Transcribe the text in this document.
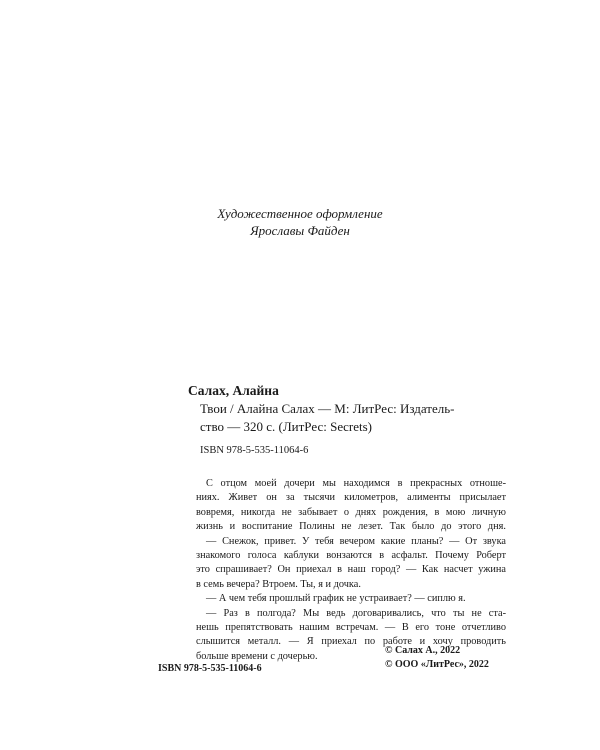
Художественное оформление
Ярославы Файден
Салах, Алайна
Твои / Алайна Салах — М: ЛитРес: Издатель-
ство — 320 с. (ЛитРес: Secrets)
ISBN 978-5-535-11064-6
С отцом моей дочери мы находимся в прекрасных отноше-
ниях. Живет он за тысячи километров, алименты присылает
вовремя, никогда не забывает о днях рождения, в мою личную
жизнь и воспитание Полины не лезет. Так было до этого дня.
— Снежок, привет. У тебя вечером какие планы? — От звука
знакомого голоса каблуки вонзаются в асфальт. Почему Роберт
это спрашивает? Он приехал в наш город? — Как насчет ужина
в семь вечера? Втроем. Ты, я и дочка.
— А чем тебя прошлый график не устраивает? — сиплю я.
— Раз в полгода? Мы ведь договаривались, что ты не ста-
нешь препятствовать нашим встречам. — В его тоне отчетливо
слышится металл. — Я приехал по работе и хочу проводить
больше времени с дочерью.
ISBN 978-5-535-11064-6
© Салах А., 2022
© ООО «ЛитРес», 2022
